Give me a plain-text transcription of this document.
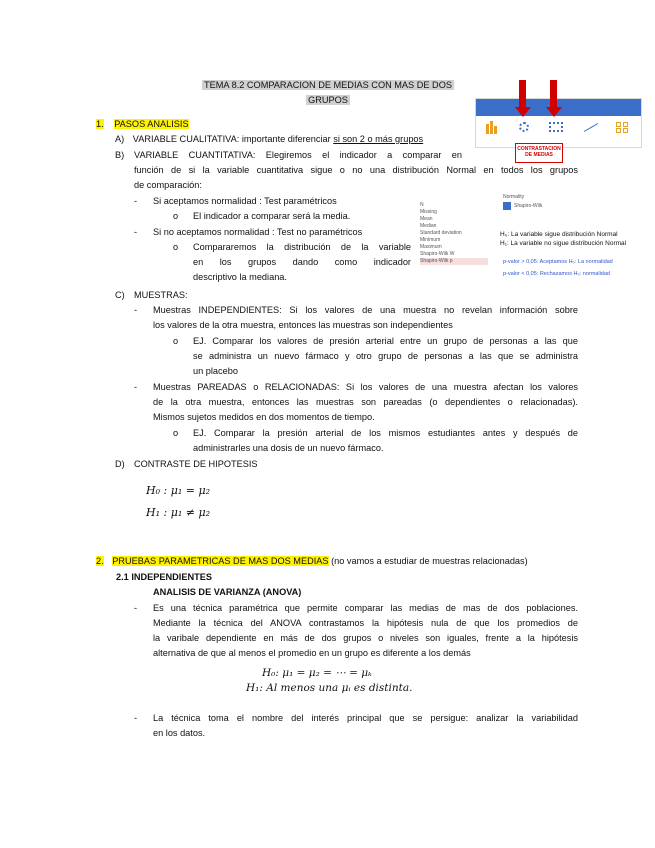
TEMA 8.2 COMPARACION DE MEDIAS CON MAS DE DOS
GRUPOS
CONTRASTACION DE MEDIAS
1. PASOS ANALISIS
A) VARIABLE CUALITATIVA: importante diferenciar si son 2 o más grupos
B) VARIABLE CUANTITATIVA: Elegiremos el indicador a comparar en
función de si la variable cuantitativa sigue o no una distribución Normal en todos los grupos
de comparación:
- Si aceptamos normalidad : Test paramétricos
o El indicador a comparar será la media.
- Si no aceptamos normalidad : Test no paramétricos
o Compararemos la distribución de la variable
en los grupos dando como indicador
descriptivo la mediana.
N
Missing
Mean
Median
Standard deviation
Minimum
Maximum
Shapiro-Wilk W
Shapiro-Wilk p
Normality
Shapiro-Wilk
H₀: La variable sigue distribución Normal
H₁: La variable no sigue distribución Normal
p-valor > 0,05: Aceptamos H₀: La normalidad
p-valor < 0,05: Rechazamos H₀: normalidad
C) MUESTRAS:
- Muestras INDEPENDIENTES: Si los valores de una muestra no revelan información sobre
los valores de la otra muestra, entonces las muestras son independientes
o EJ. Comparar los valores de presión arterial entre un grupo de personas a las que
se administra un nuevo fármaco y otro grupo de personas a las que se administra
un placebo
- Muestras PAREADAS o RELACIONADAS: Si los valores de una muestra afectan los valores
de la otra muestra, entonces las muestras son pareadas (o dependientes o relacionadas).
Mismos sujetos medidos en dos momentos de tiempo.
o EJ. Comparar la presión arterial de los mismos estudiantes antes y después de
administrarles una dosis de un nuevo fármaco.
D) CONTRASTE DE HIPOTESIS
H₀ : μ₁ = μ₂
H₁ : μ₁ ≠ μ₂
2. PRUEBAS PARAMETRICAS DE MAS DOS MEDIAS (no vamos a estudiar de muestras relacionadas)
2.1 INDEPENDIENTES
ANALISIS DE VARIANZA (ANOVA)
- Es una técnica paramétrica que permite comparar las medias de mas de dos poblaciones.
Mediante la técnica del ANOVA contrastamos la hipótesis nula de que los promedios de
la varibale dependiente en más de dos grupos o niveles son iguales, frente a la hipótesis
alternativa de que al menos el promedio en un grupo es diferente a los demás
H₀: μ₁ = μ₂ = ⋯ = μₖ
H₁: Al menos una μᵢ es distinta.
- La técnica toma el nombre del interés principal que se persigue: analizar la variabilidad
en los datos.
